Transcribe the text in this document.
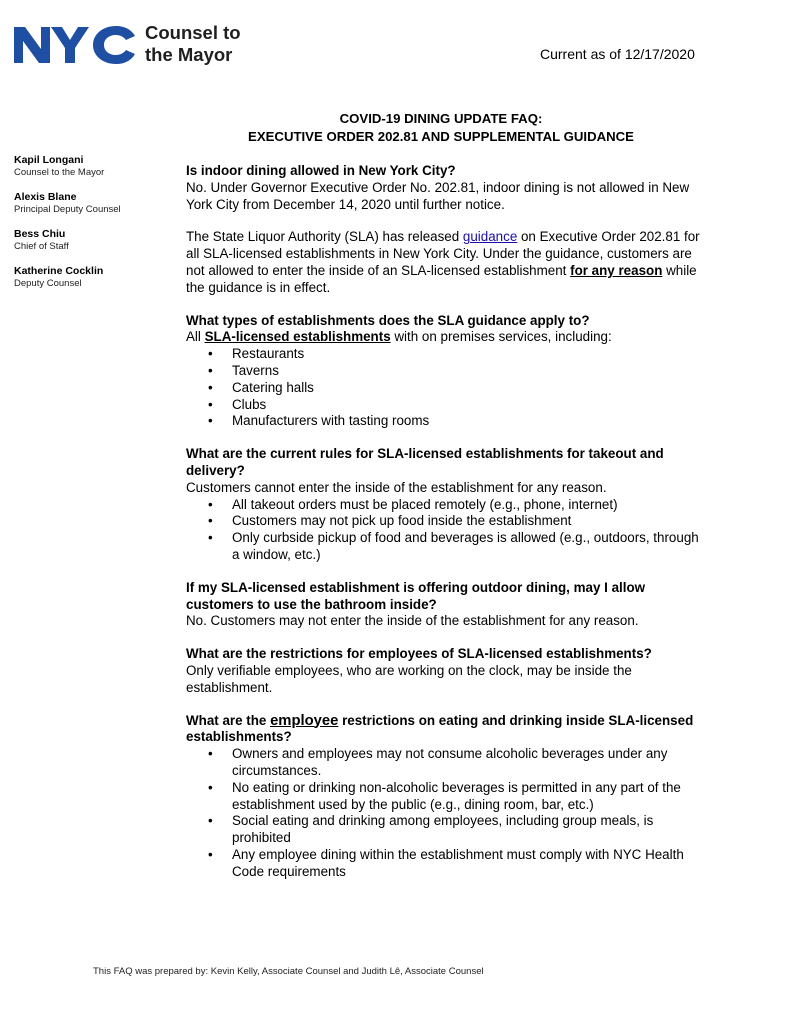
Counsel to
the Mayor	Current as of 12/17/2020
COVID-19 DINING UPDATE FAQ:
EXECUTIVE ORDER 202.81 AND SUPPLEMENTAL GUIDANCE
Kapil Longani
Counsel to the Mayor
Alexis Blane
Principal Deputy Counsel
Bess Chiu
Chief of Staff
Katherine Cocklin
Deputy Counsel
Is indoor dining allowed in New York City?

No. Under Governor Executive Order No. 202.81, indoor dining is not allowed in New York City from December 14, 2020 until further notice.

The State Liquor Authority (SLA) has released guidance on Executive Order 202.81 for all SLA-licensed establishments in New York City. Under the guidance, customers are not allowed to enter the inside of an SLA-licensed establishment for any reason while the guidance is in effect.

What types of establishments does the SLA guidance apply to?
All SLA-licensed establishments with on premises services, including:
• Restaurants
• Taverns
• Catering halls
• Clubs
• Manufacturers with tasting rooms
What are the current rules for SLA-licensed establishments for takeout and delivery?
Customers cannot enter the inside of the establishment for any reason.
• All takeout orders must be placed remotely (e.g., phone, internet)
• Customers may not pick up food inside the establishment
• Only curbside pickup of food and beverages is allowed (e.g., outdoors, through a window, etc.)
If my SLA-licensed establishment is offering outdoor dining, may I allow customers to use the bathroom inside?
No. Customers may not enter the inside of the establishment for any reason.
What are the restrictions for employees of SLA-licensed establishments?
Only verifiable employees, who are working on the clock, may be inside the establishment.
What are the employee restrictions on eating and drinking inside SLA-licensed establishments?
• Owners and employees may not consume alcoholic beverages under any circumstances.
• No eating or drinking non-alcoholic beverages is permitted in any part of the establishment used by the public (e.g., dining room, bar, etc.)
• Social eating and drinking among employees, including group meals, is prohibited
• Any employee dining within the establishment must comply with NYC Health Code requirements
This FAQ was prepared by: Kevin Kelly, Associate Counsel and Judith Lê, Associate Counsel
